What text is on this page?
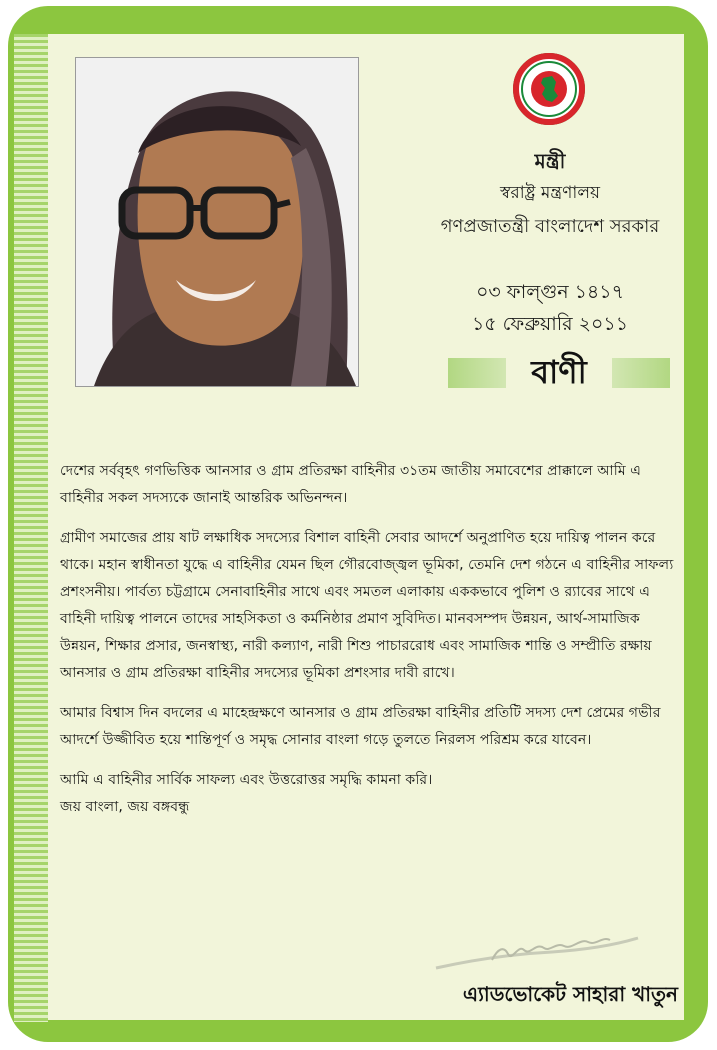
মন্ত্রী
স্বরাষ্ট্র মন্ত্রণালয়
গণপ্রজাতন্ত্রী বাংলাদেশ সরকার
০৩ ফাল্গুন ১৪১৭
১৫ ফেব্রুয়ারি ২০১১
বাণী

দেশের সর্ববৃহৎ গণভিত্তিক আনসার ও গ্রাম প্রতিরক্ষা বাহিনীর ৩১তম জাতীয় সমাবেশের প্রাক্কালে আমি এ বাহিনীর সকল সদস্যকে জানাই আন্তরিক অভিনন্দন।

গ্রামীণ সমাজের প্রায় ষাট লক্ষাধিক সদস্যের বিশাল বাহিনী সেবার আদর্শে অনুপ্রাণিত হয়ে দায়িত্ব পালন করে থাকে। মহান স্বাধীনতা যুদ্ধে এ বাহিনীর যেমন ছিল গৌরবোজ্জ্বল ভূমিকা, তেমনি দেশ গঠনে এ বাহিনীর সাফল্য প্রশংসনীয়। পার্বত্য চট্টগ্রামে সেনাবাহিনীর সাথে এবং সমতল এলাকায় এককভাবে পুলিশ ও র‌্যাবের সাথে এ বাহিনী দায়িত্ব পালনে তাদের সাহসিকতা ও কর্মনিষ্ঠার প্রমাণ সুবিদিত। মানবসম্পদ উন্নয়ন, আর্থ-সামাজিক উন্নয়ন, শিক্ষার প্রসার, জনস্বাস্থ্য, নারী কল্যাণ, নারী শিশু পাচাররোধ এবং সামাজিক শান্তি ও সম্প্রীতি রক্ষায় আনসার ও গ্রাম প্রতিরক্ষা বাহিনীর সদস্যের ভূমিকা প্রশংসার দাবী রাখে।

আমার বিশ্বাস দিন বদলের এ মাহেন্দ্রক্ষণে আনসার ও গ্রাম প্রতিরক্ষা বাহিনীর প্রতিটি সদস্য দেশ প্রেমের গভীর আদর্শে উজ্জীবিত হয়ে শান্তিপূর্ণ ও সমৃদ্ধ সোনার বাংলা গড়ে তুলতে নিরলস পরিশ্রম করে যাবেন।

আমি এ বাহিনীর সার্বিক সাফল্য এবং উত্তরোত্তর সমৃদ্ধি কামনা করি।

জয় বাংলা, জয় বঙ্গবন্ধু

এ্যাডভোকেট সাহারা খাতুন
